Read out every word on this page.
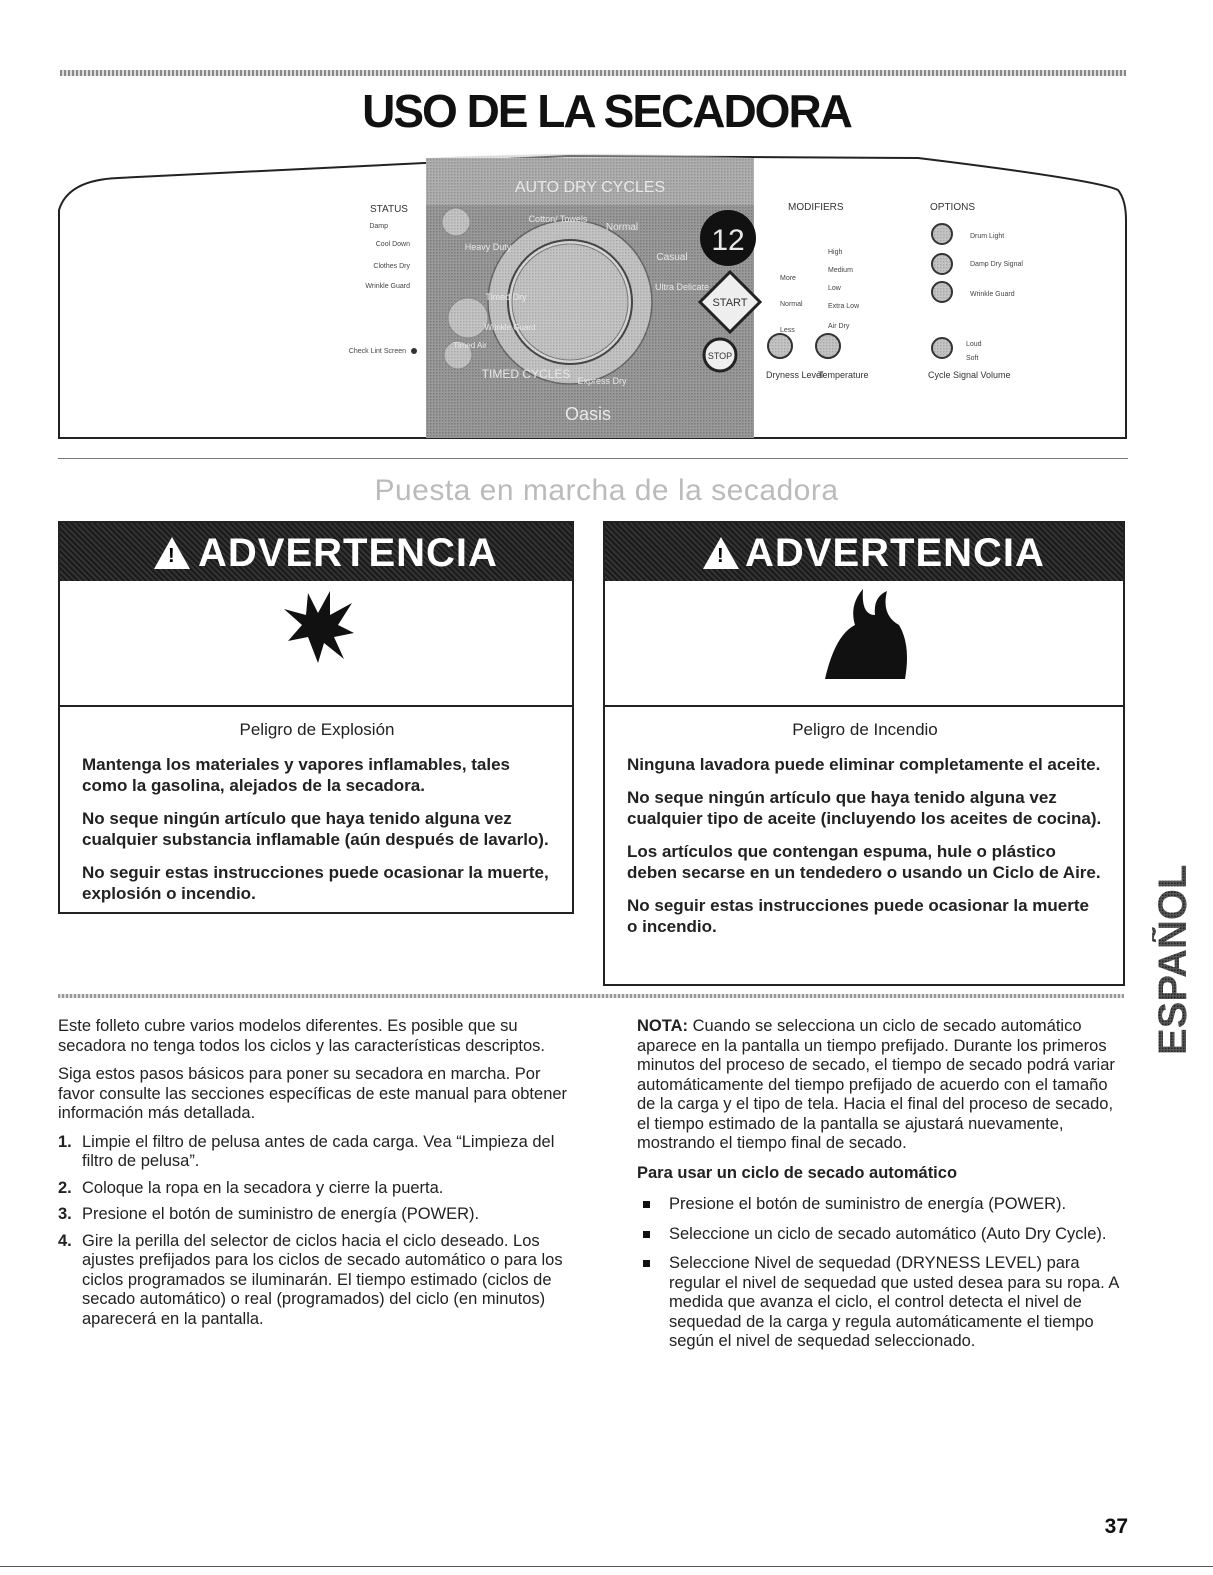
USO DE LA SECADORA
12
START
STOP
AUTO DRY CYCLES
TIMED CYCLES
Oasis
Cotton/ Towels
Normal
Heavy Duty
Casual
Ultra Delicate
Timed Dry
Express Dry
Timed Air
Wrinkle Guard
STATUS
Damp
Cool Down
Clothes Dry
Wrinkle Guard
Check Lint Screen
MODIFIERS
High
Medium
Low
Extra Low
Air Dry
More
Normal
Less
Dryness Level
Temperature
OPTIONS
Drum Light
Damp Dry Signal
Wrinkle Guard
Loud
Soft
Cycle Signal Volume
Puesta en marcha de la secadora
!
ADVERTENCIA
Peligro de Explosión

Mantenga los materiales y vapores inflamables, tales como la gasolina, alejados de la secadora.

No seque ningún artículo que haya tenido alguna vez cualquier substancia inflamable (aún después de lavarlo).

No seguir estas instrucciones puede ocasionar la muerte, explosión o incendio.

!
ADVERTENCIA
Peligro de Incendio

Ninguna lavadora puede eliminar completamente el aceite.

No seque ningún artículo que haya tenido alguna vez cualquier tipo de aceite (incluyendo los aceites de cocina).

Los artículos que contengan espuma, hule o plástico deben secarse en un tendedero o usando un Ciclo de Aire.

No seguir estas instrucciones puede ocasionar la muerte o incendio.

Este folleto cubre varios modelos diferentes. Es posible que su secadora no tenga todos los ciclos y las características descriptos.

Siga estos pasos básicos para poner su secadora en marcha. Por favor consulte las secciones específicas de este manual para obtener información más detallada.

1. Limpie el filtro de pelusa antes de cada carga. Vea “Limpieza del filtro de pelusa”.
2. Coloque la ropa en la secadora y cierre la puerta.
3. Presione el botón de suministro de energía (POWER).
4. Gire la perilla del selector de ciclos hacia el ciclo deseado. Los ajustes prefijados para los ciclos de secado automático o para los ciclos programados se iluminarán. El tiempo estimado (ciclos de secado automático) o real (programados) del ciclo (en minutos) aparecerá en la pantalla.

NOTA: Cuando se selecciona un ciclo de secado automático aparece en la pantalla un tiempo prefijado. Durante los primeros minutos del proceso de secado, el tiempo de secado podrá variar automáticamente del tiempo prefijado de acuerdo con el tamaño de la carga y el tipo de tela. Hacia el final del proceso de secado, el tiempo estimado de la pantalla se ajustará nuevamente, mostrando el tiempo final de secado.

Para usar un ciclo de secado automático
Presione el botón de suministro de energía (POWER).
Seleccione un ciclo de secado automático (Auto Dry Cycle).
Seleccione Nivel de sequedad (DRYNESS LEVEL) para regular el nivel de sequedad que usted desea para su ropa. A medida que avanza el ciclo, el control detecta el nivel de sequedad de la carga y regula automáticamente el tiempo según el nivel de sequedad seleccionado.
ESPAÑOL
37
